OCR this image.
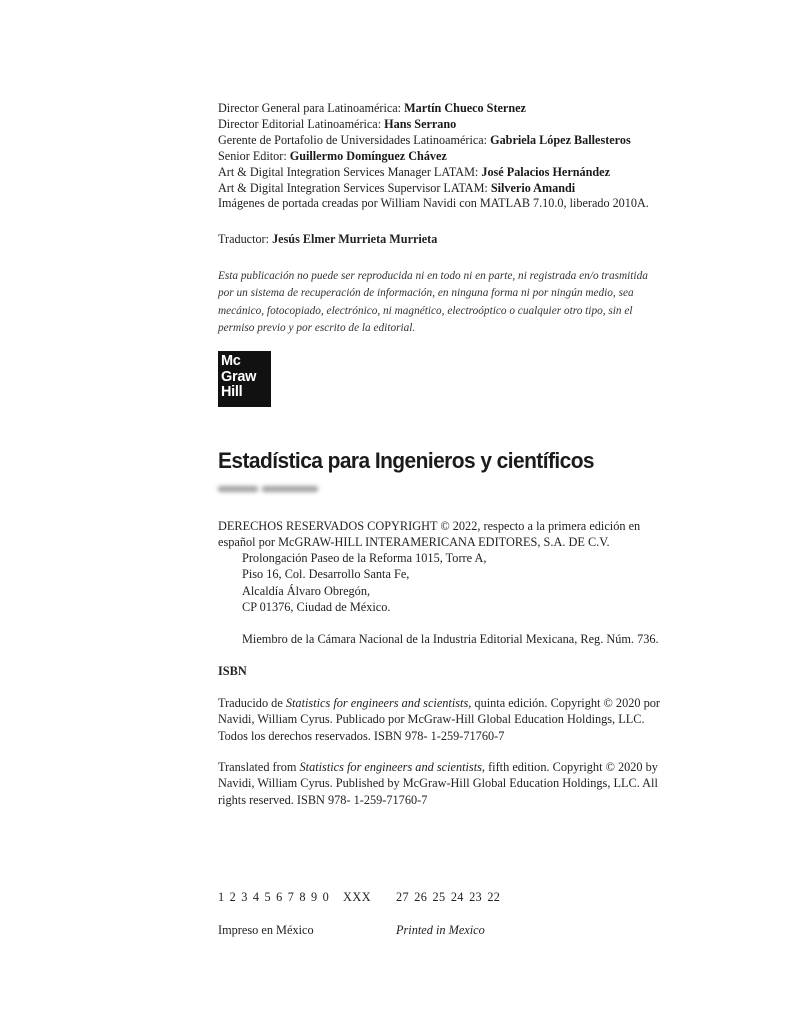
Director General para Latinoamérica: Martín Chueco Sternez
Director Editorial Latinoamérica: Hans Serrano
Gerente de Portafolio de Universidades Latinoamérica: Gabriela López Ballesteros
Senior Editor: Guillermo Domínguez Chávez
Art & Digital Integration Services Manager LATAM: José Palacios Hernández
Art & Digital Integration Services Supervisor LATAM: Silverio Amandi
Imágenes de portada creadas por William Navidi con MATLAB 7.10.0, liberado 2010A.
Traductor: Jesús Elmer Murrieta Murrieta
Esta publicación no puede ser reproducida ni en todo ni en parte, ni registrada en/o trasmitida
por un sistema de recuperación de información, en ninguna forma ni por ningún medio, sea
mecánico, fotocopiado, electrónico, ni magnético, electroóptico o cualquier otro tipo, sin el
permiso previo y por escrito de la editorial.
Mc
Graw
Hill
Estadística para Ingenieros y científicos
DERECHOS RESERVADOS COPYRIGHT © 2022, respecto a la primera edición en
español por McGRAW-HILL INTERAMERICANA EDITORES, S.A. DE C.V.
Prolongación Paseo de la Reforma 1015, Torre A,
Piso 16, Col. Desarrollo Santa Fe,
Alcaldía Álvaro Obregón,
CP 01376, Ciudad de México.
Miembro de la Cámara Nacional de la Industria Editorial Mexicana, Reg. Núm. 736.
ISBN
Traducido de Statistics for engineers and scientists, quinta edición. Copyright © 2020 por
Navidi, William Cyrus. Publicado por McGraw-Hill Global Education Holdings, LLC.
Todos los derechos reservados. ISBN 978- 1-259-71760-7
Translated from Statistics for engineers and scientists, fifth edition. Copyright © 2020 by
Navidi, William Cyrus. Published by McGraw-Hill Global Education Holdings, LLC. All
rights reserved. ISBN 978- 1-259-71760-7
1 2 3 4 5 6 7 8 9 0 XXX 27 26 25 24 23 22
Impreso en México	Printed in Mexico
